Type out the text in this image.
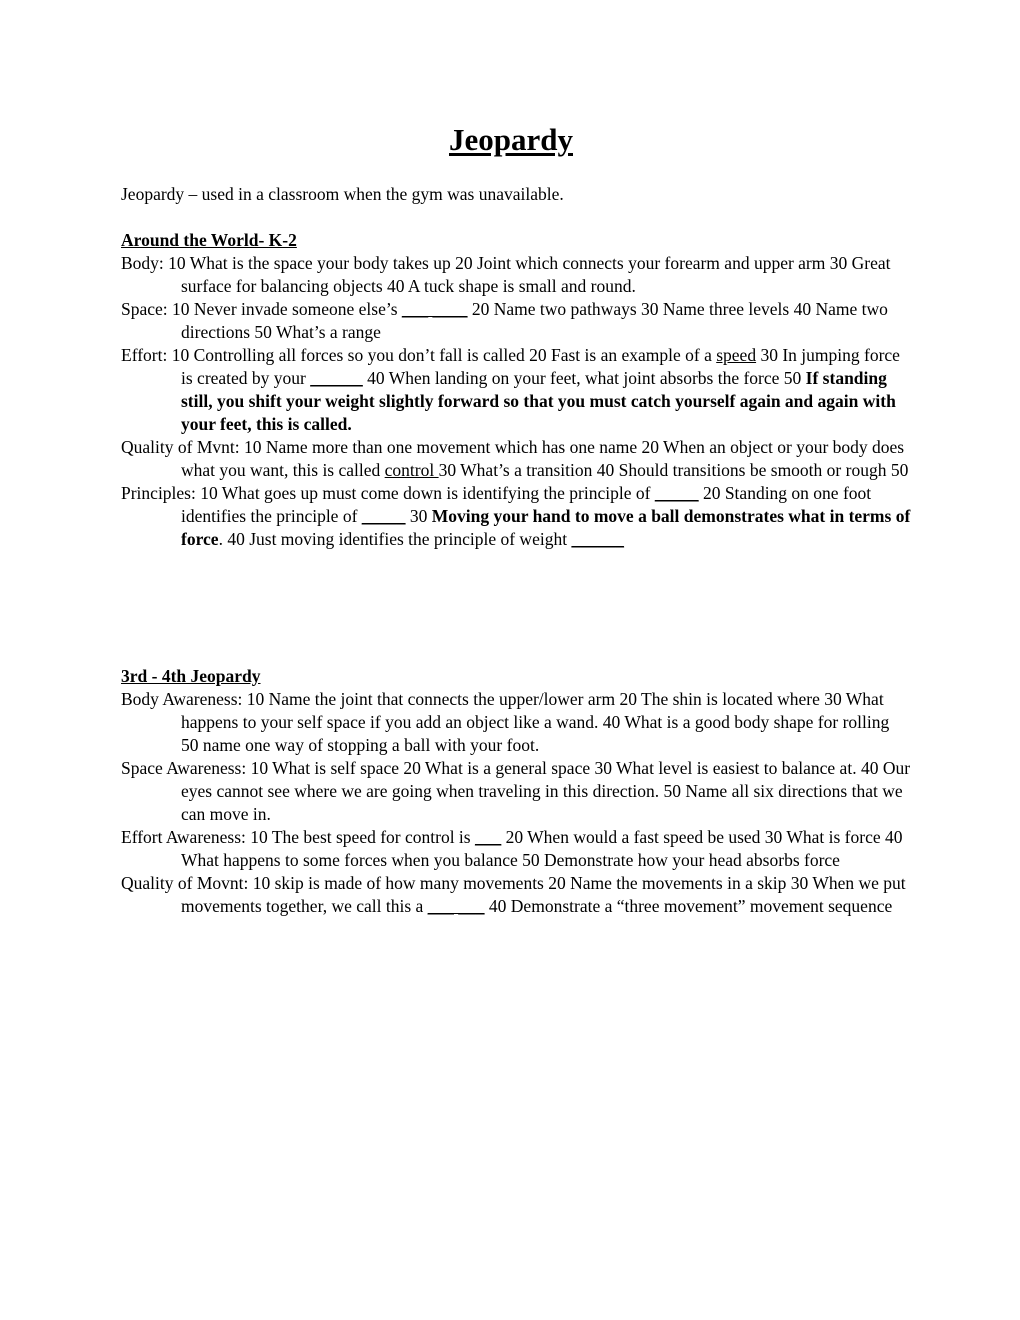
Jeopardy

Jeopardy – used in a classroom when the gym was unavailable.

Around the World- K-2

Body: 10 What is the space your body takes up 20 Joint which connects your forearm and upper arm 30 Great surface for balancing objects 40 A tuck shape is small and round.

Space: 10 Never invade someone else’s ___ ____ 20 Name two pathways 30 Name three levels 40 Name two directions 50 What’s a range

Effort: 10 Controlling all forces so you don’t fall is called 20 Fast is an example of a speed 30 In jumping force is created by your ______ 40 When landing on your feet, what joint absorbs the force 50 If standing still, you shift your weight slightly forward so that you must catch yourself again and again with your feet, this is called.

Quality of Mvnt: 10 Name more than one movement which has one name 20 When an object or your body does what you want, this is called control 30 What’s a transition 40 Should transitions be smooth or rough 50

Principles: 10 What goes up must come down is identifying the principle of _____ 20 Standing on one foot identifies the principle of _____ 30 Moving your hand to move a ball demonstrates what in terms of force. 40 Just moving identifies the principle of weight ______

3rd - 4th Jeopardy

Body Awareness: 10 Name the joint that connects the upper/lower arm 20 The shin is located where 30 What happens to your self space if you add an object like a wand. 40 What is a good body shape for rolling 50 name one way of stopping a ball with your foot.

Space Awareness: 10 What is self space 20 What is a general space 30 What level is easiest to balance at. 40 Our eyes cannot see where we are going when traveling in this direction. 50 Name all six directions that we can move in.

Effort Awareness: 10 The best speed for control is ___ 20 When would a fast speed be used 30 What is force 40 What happens to some forces when you balance 50 Demonstrate how your head absorbs force

Quality of Movnt: 10 skip is made of how many movements 20 Name the movements in a skip 30 When we put movements together, we call this a ___ ___ 40 Demonstrate a “three movement” movement sequence
